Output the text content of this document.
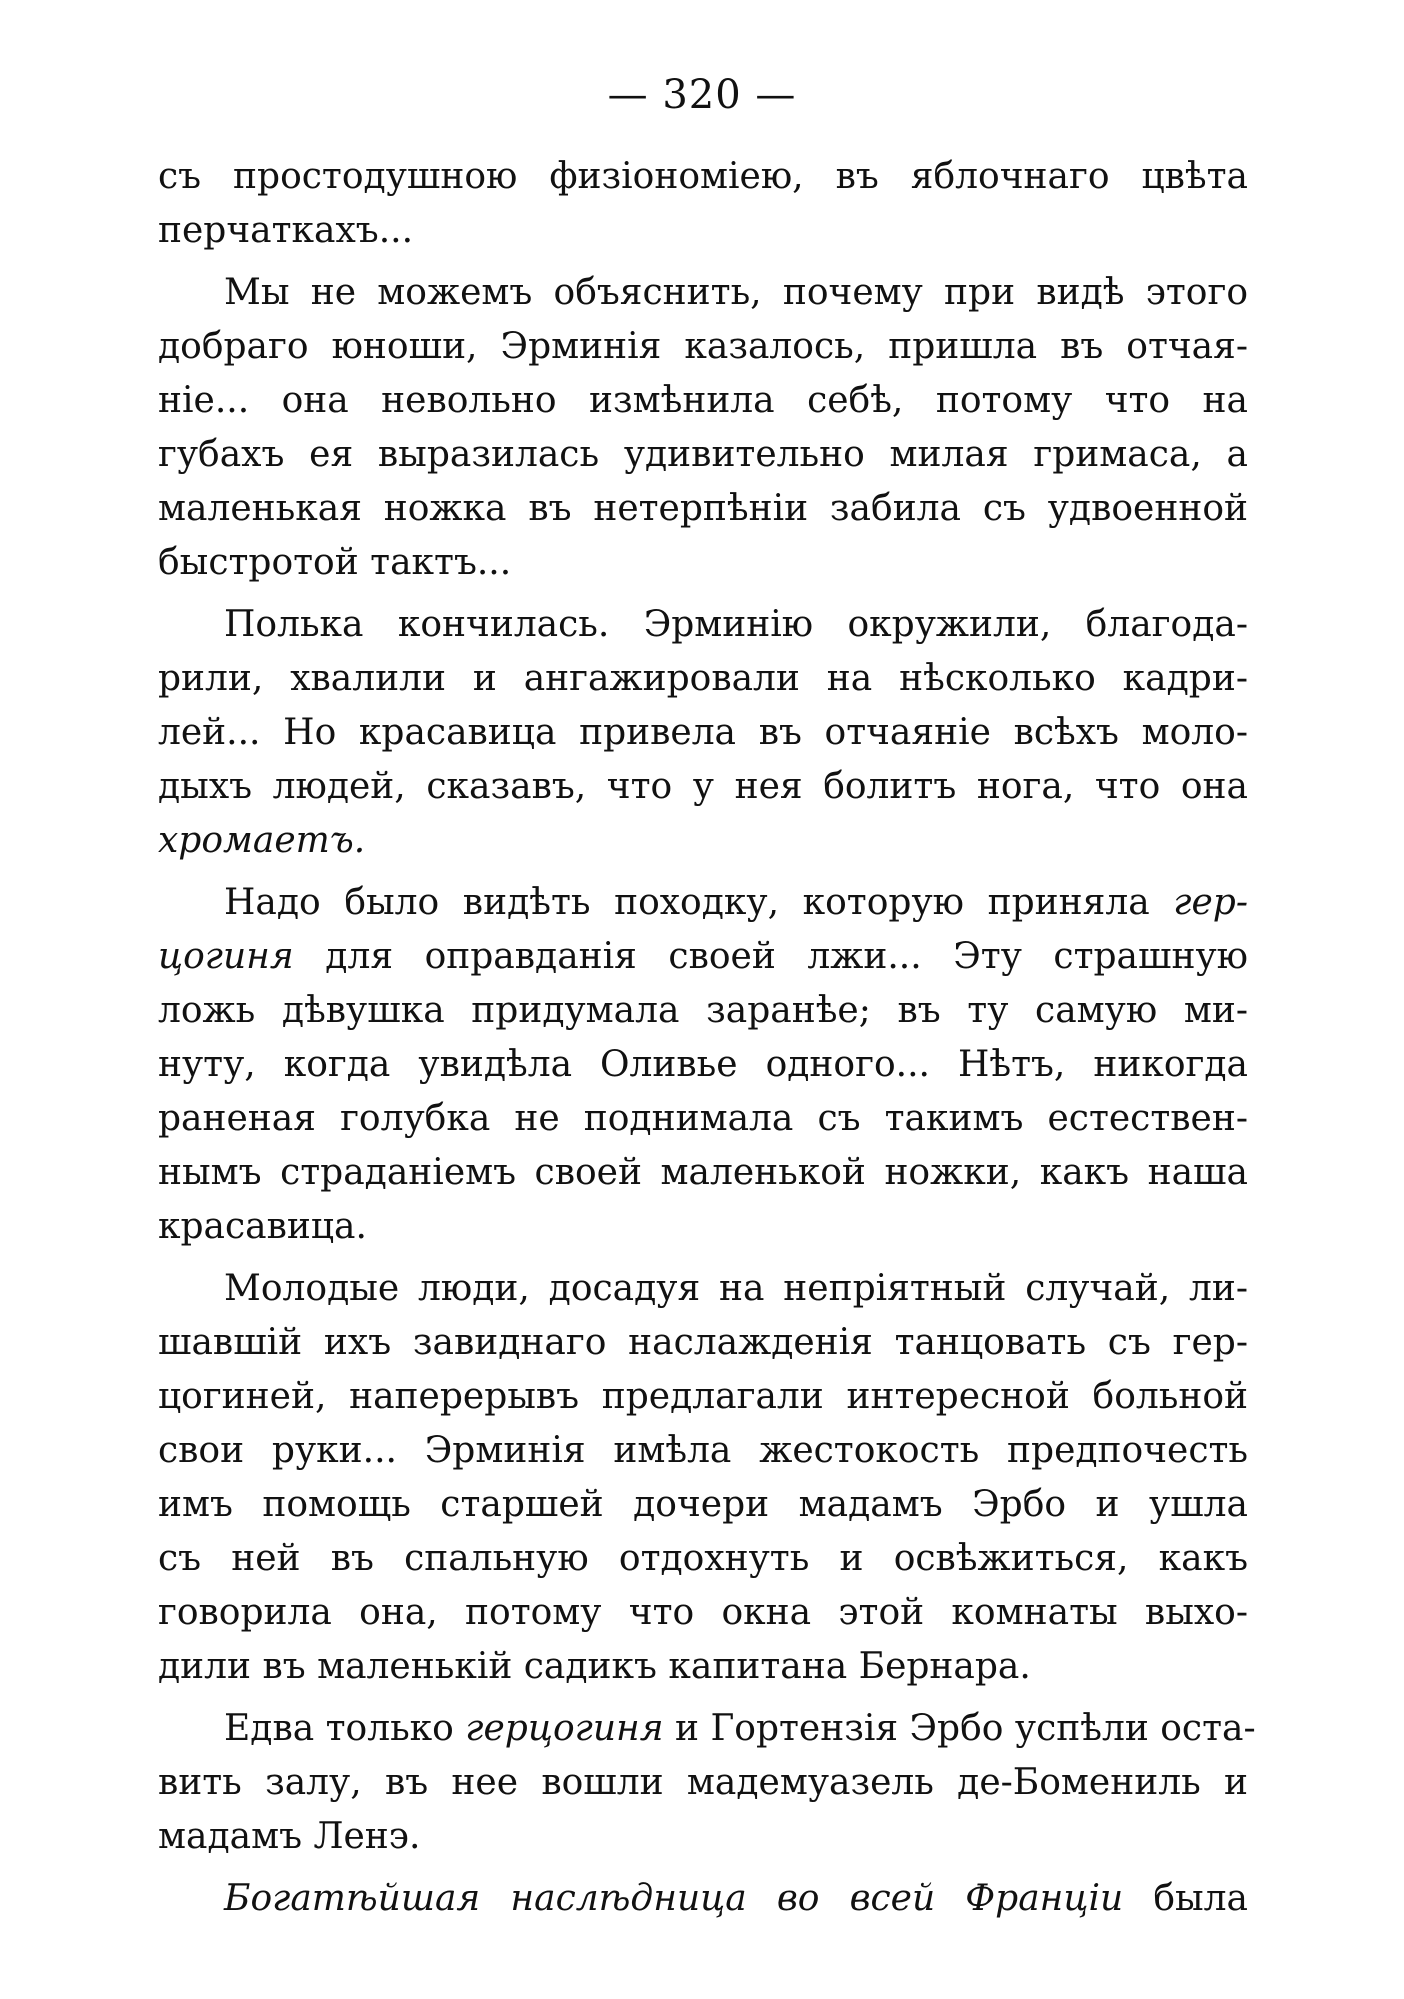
— 320 —
съ простодушною физіономіею, въ яблочнаго цвѣта
перчаткахъ...
Мы не можемъ объяснить, почему при видѣ этого
добраго юноши, Эрминія казалось, пришла въ отчая-
ніе... она невольно измѣнила себѣ, потому что на
губахъ ея выразилась удивительно милая гримаса, а
маленькая ножка въ нетерпѣніи забила съ удвоенной
быстротой тактъ...
Полька кончилась. Эрминію окружили, благода-
рили, хвалили и ангажировали на нѣсколько кадри-
лей... Но красавица привела въ отчаяніе всѣхъ моло-
дыхъ людей, сказавъ, что у нея болитъ нога, что она
хромаетъ.
Надо было видѣть походку, которую приняла гер-
цогиня для оправданія своей лжи... Эту страшную
ложь дѣвушка придумала заранѣе; въ ту самую ми-
нуту, когда увидѣла Оливье одного... Нѣтъ, никогда
раненая голубка не поднимала съ такимъ естествен-
нымъ страданіемъ своей маленькой ножки, какъ наша
красавица.
Молодые люди, досадуя на непріятный случай, ли-
шавшій ихъ завиднаго наслажденія танцовать съ гер-
цогиней, наперерывъ предлагали интересной больной
свои руки... Эрминія имѣла жестокость предпочесть
имъ помощь старшей дочери мадамъ Эрбо и ушла
съ ней въ спальную отдохнуть и освѣжиться, какъ
говорила она, потому что окна этой комнаты выхо-
дили въ маленькій садикъ капитана Бернара.
Едва только герцогиня и Гортензія Эрбо успѣли оста-
вить залу, въ нее вошли мадемуазель де-Бомениль и
мадамъ Ленэ.
Богатѣйшая наслѣдница во всей Франціи была
